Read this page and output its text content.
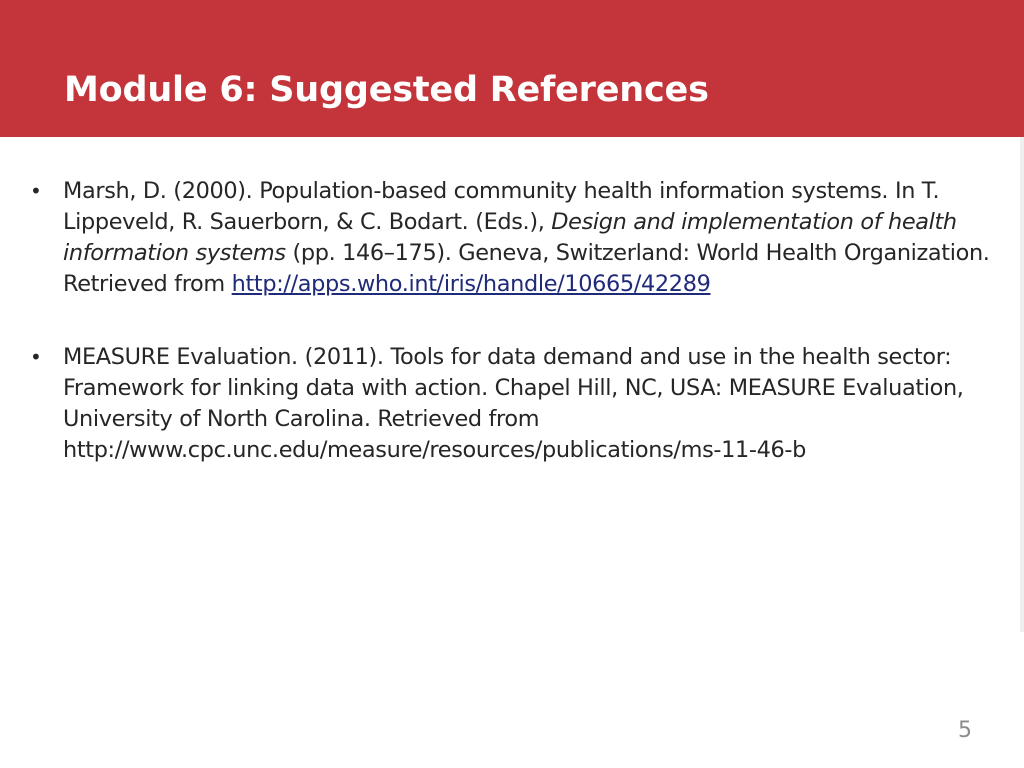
Module 6: Suggested References
• Marsh, D. (2000). Population-based community health information systems. In T. Lippeveld, R. Sauerborn, & C. Bodart. (Eds.), Design and implementation of health information systems (pp. 146–175). Geneva, Switzerland: World Health Organization. Retrieved from http://apps.who.int/iris/handle/10665/42289
• MEASURE Evaluation. (2011). Tools for data demand and use in the health sector: Framework for linking data with action. Chapel Hill, NC, USA: MEASURE Evaluation, University of North Carolina. Retrieved from http://www.cpc.unc.edu/measure/resources/publications/ms-11-46-b
5
